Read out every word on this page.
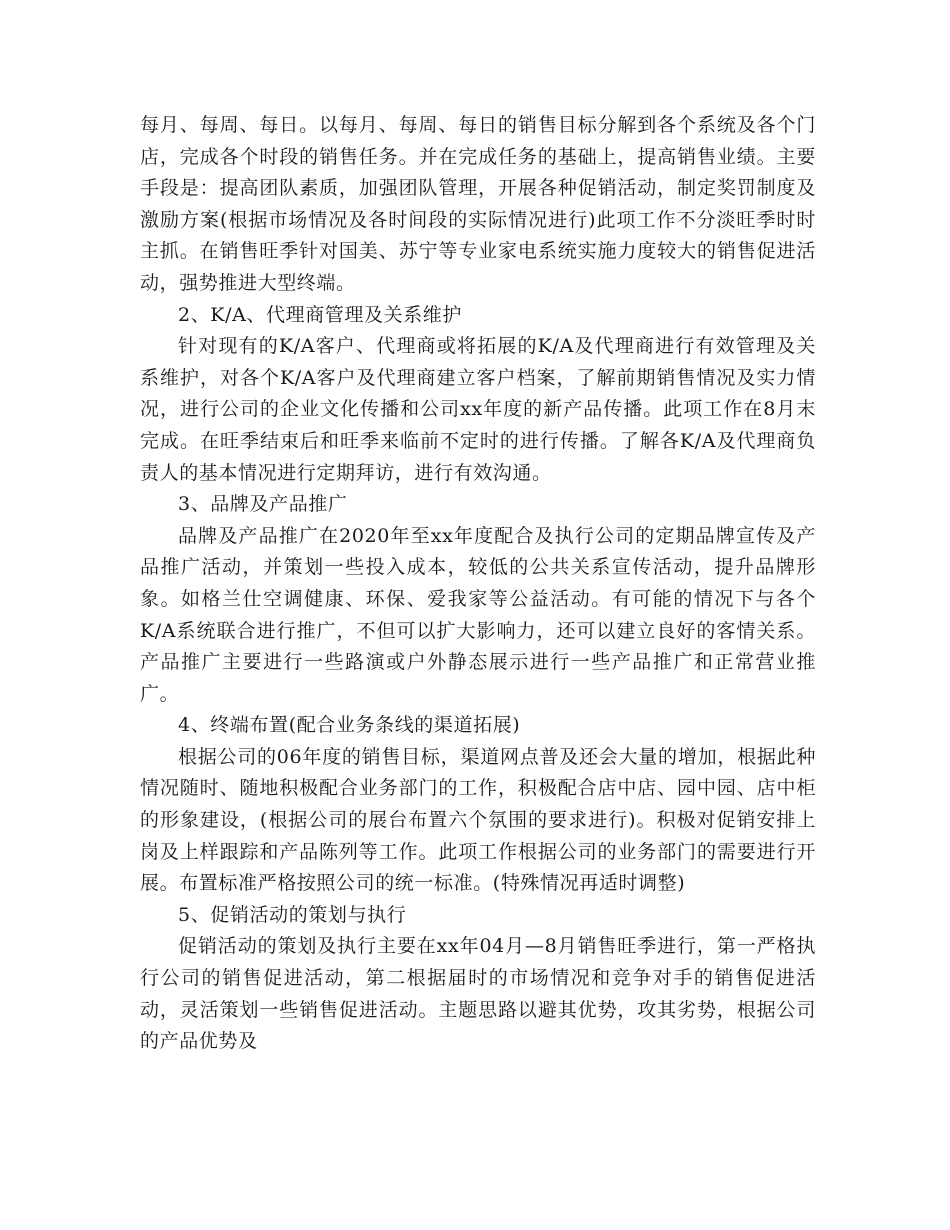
每月、每周、每日。以每月、每周、每日的销售目标分解到各个系统及各个门店，完成各个时段的销售任务。并在完成任务的基础上，提高销售业绩。主要手段是：提高团队素质，加强团队管理，开展各种促销活动，制定奖罚制度及激励方案(根据市场情况及各时间段的实际情况进行)此项工作不分淡旺季时时主抓。在销售旺季针对国美、苏宁等专业家电系统实施力度较大的销售促进活动，强势推进大型终端。

2、K/A、代理商管理及关系维护

针对现有的K/A客户、代理商或将拓展的K/A及代理商进行有效管理及关系维护，对各个K/A客户及代理商建立客户档案，了解前期销售情况及实力情况，进行公司的企业文化传播和公司xx年度的新产品传播。此项工作在8月末完成。在旺季结束后和旺季来临前不定时的进行传播。了解各K/A及代理商负责人的基本情况进行定期拜访，进行有效沟通。

3、品牌及产品推广

品牌及产品推广在2020年至xx年度配合及执行公司的定期品牌宣传及产品推广活动，并策划一些投入成本，较低的公共关系宣传活动，提升品牌形象。如格兰仕空调健康、环保、爱我家等公益活动。有可能的情况下与各个K/A系统联合进行推广，不但可以扩大影响力，还可以建立良好的客情关系。产品推广主要进行一些路演或户外静态展示进行一些产品推广和正常营业推广。

4、终端布置(配合业务条线的渠道拓展)

根据公司的06年度的销售目标，渠道网点普及还会大量的增加，根据此种情况随时、随地积极配合业务部门的工作，积极配合店中店、园中园、店中柜的形象建设，(根据公司的展台布置六个氛围的要求进行)。积极对促销安排上岗及上样跟踪和产品陈列等工作。此项工作根据公司的业务部门的需要进行开展。布置标准严格按照公司的统一标准。(特殊情况再适时调整)

5、促销活动的策划与执行

促销活动的策划及执行主要在xx年04月—8月销售旺季进行，第一严格执行公司的销售促进活动，第二根据届时的市场情况和竞争对手的销售促进活动，灵活策划一些销售促进活动。主题思路以避其优势，攻其劣势，根据公司的产品优势及
